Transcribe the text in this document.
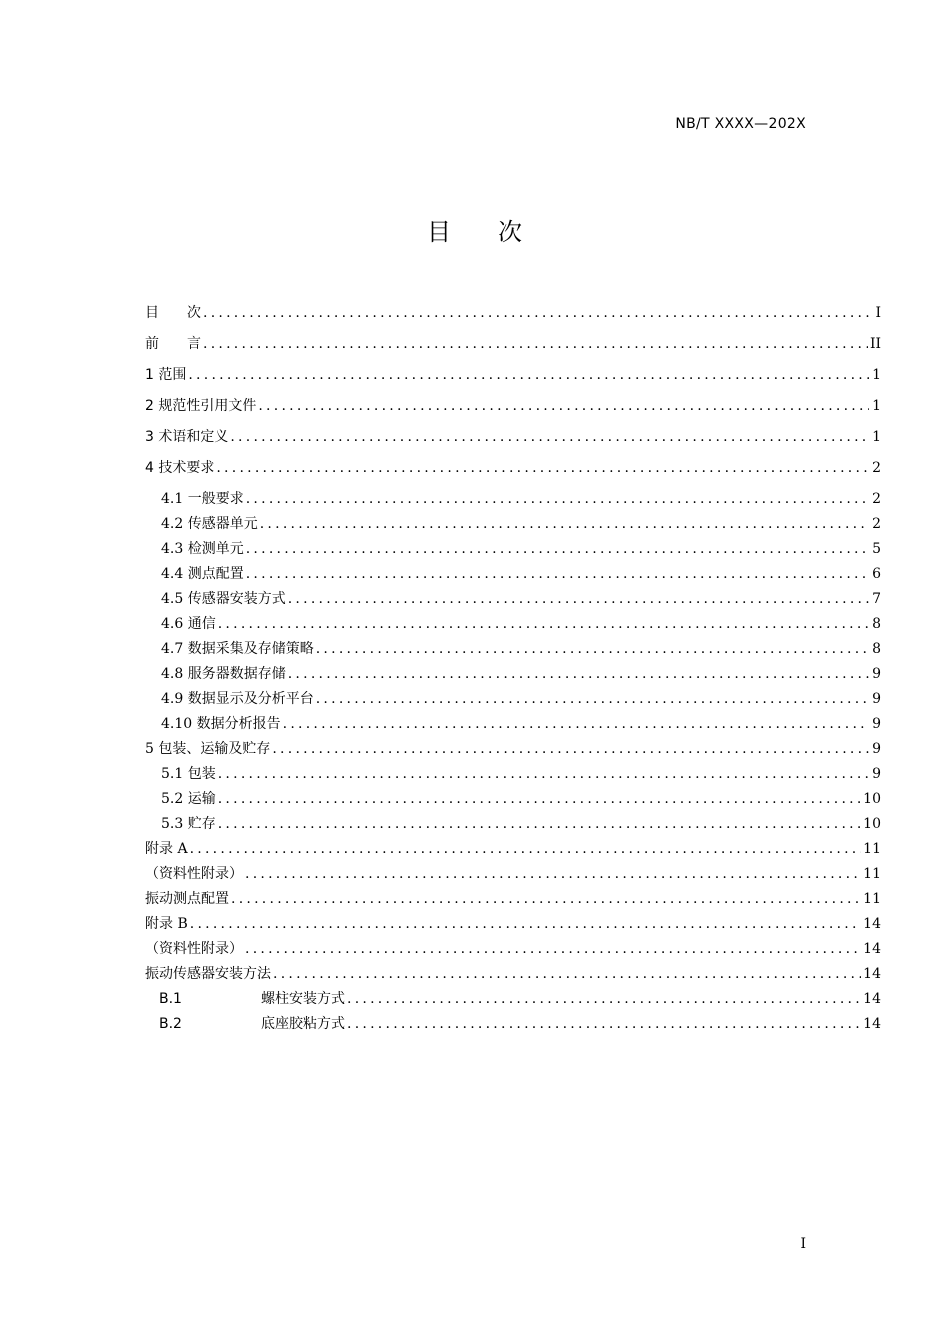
NB/T XXXX—202X
目 次
目　　次 . . .	I
前　　言 . . .	II
1 范围 . . .	1
2 规范性引用文件 . . .	1
3 术语和定义 . . .	1
4 技术要求 . . .	2
4.1 一般要求 . . .	2
4.2 传感器单元 . . .	2
4.3 检测单元 . . .	5
4.4 测点配置 . . .	6
4.5 传感器安装方式 . . .	7
4.6 通信 . . .	8
4.7 数据采集及存储策略 . . .	8
4.8 服务器数据存储 . . .	9
4.9 数据显示及分析平台 . . .	9
4.10 数据分析报告 . . .	9
5 包装、运输及贮存 . . .	9
5.1 包装 . . .	9
5.2 运输 . . .	10
5.3 贮存 . . .	10
附录 A . . .	11
（资料性附录） . . .	11
振动测点配置 . . .	11
附录 B . . .	14
（资料性附录） . . .	14
振动传感器安装方法 . . .	14
B.1	螺柱安装方式 . . .	14
B.2	底座胶粘方式 . . .	14
I
